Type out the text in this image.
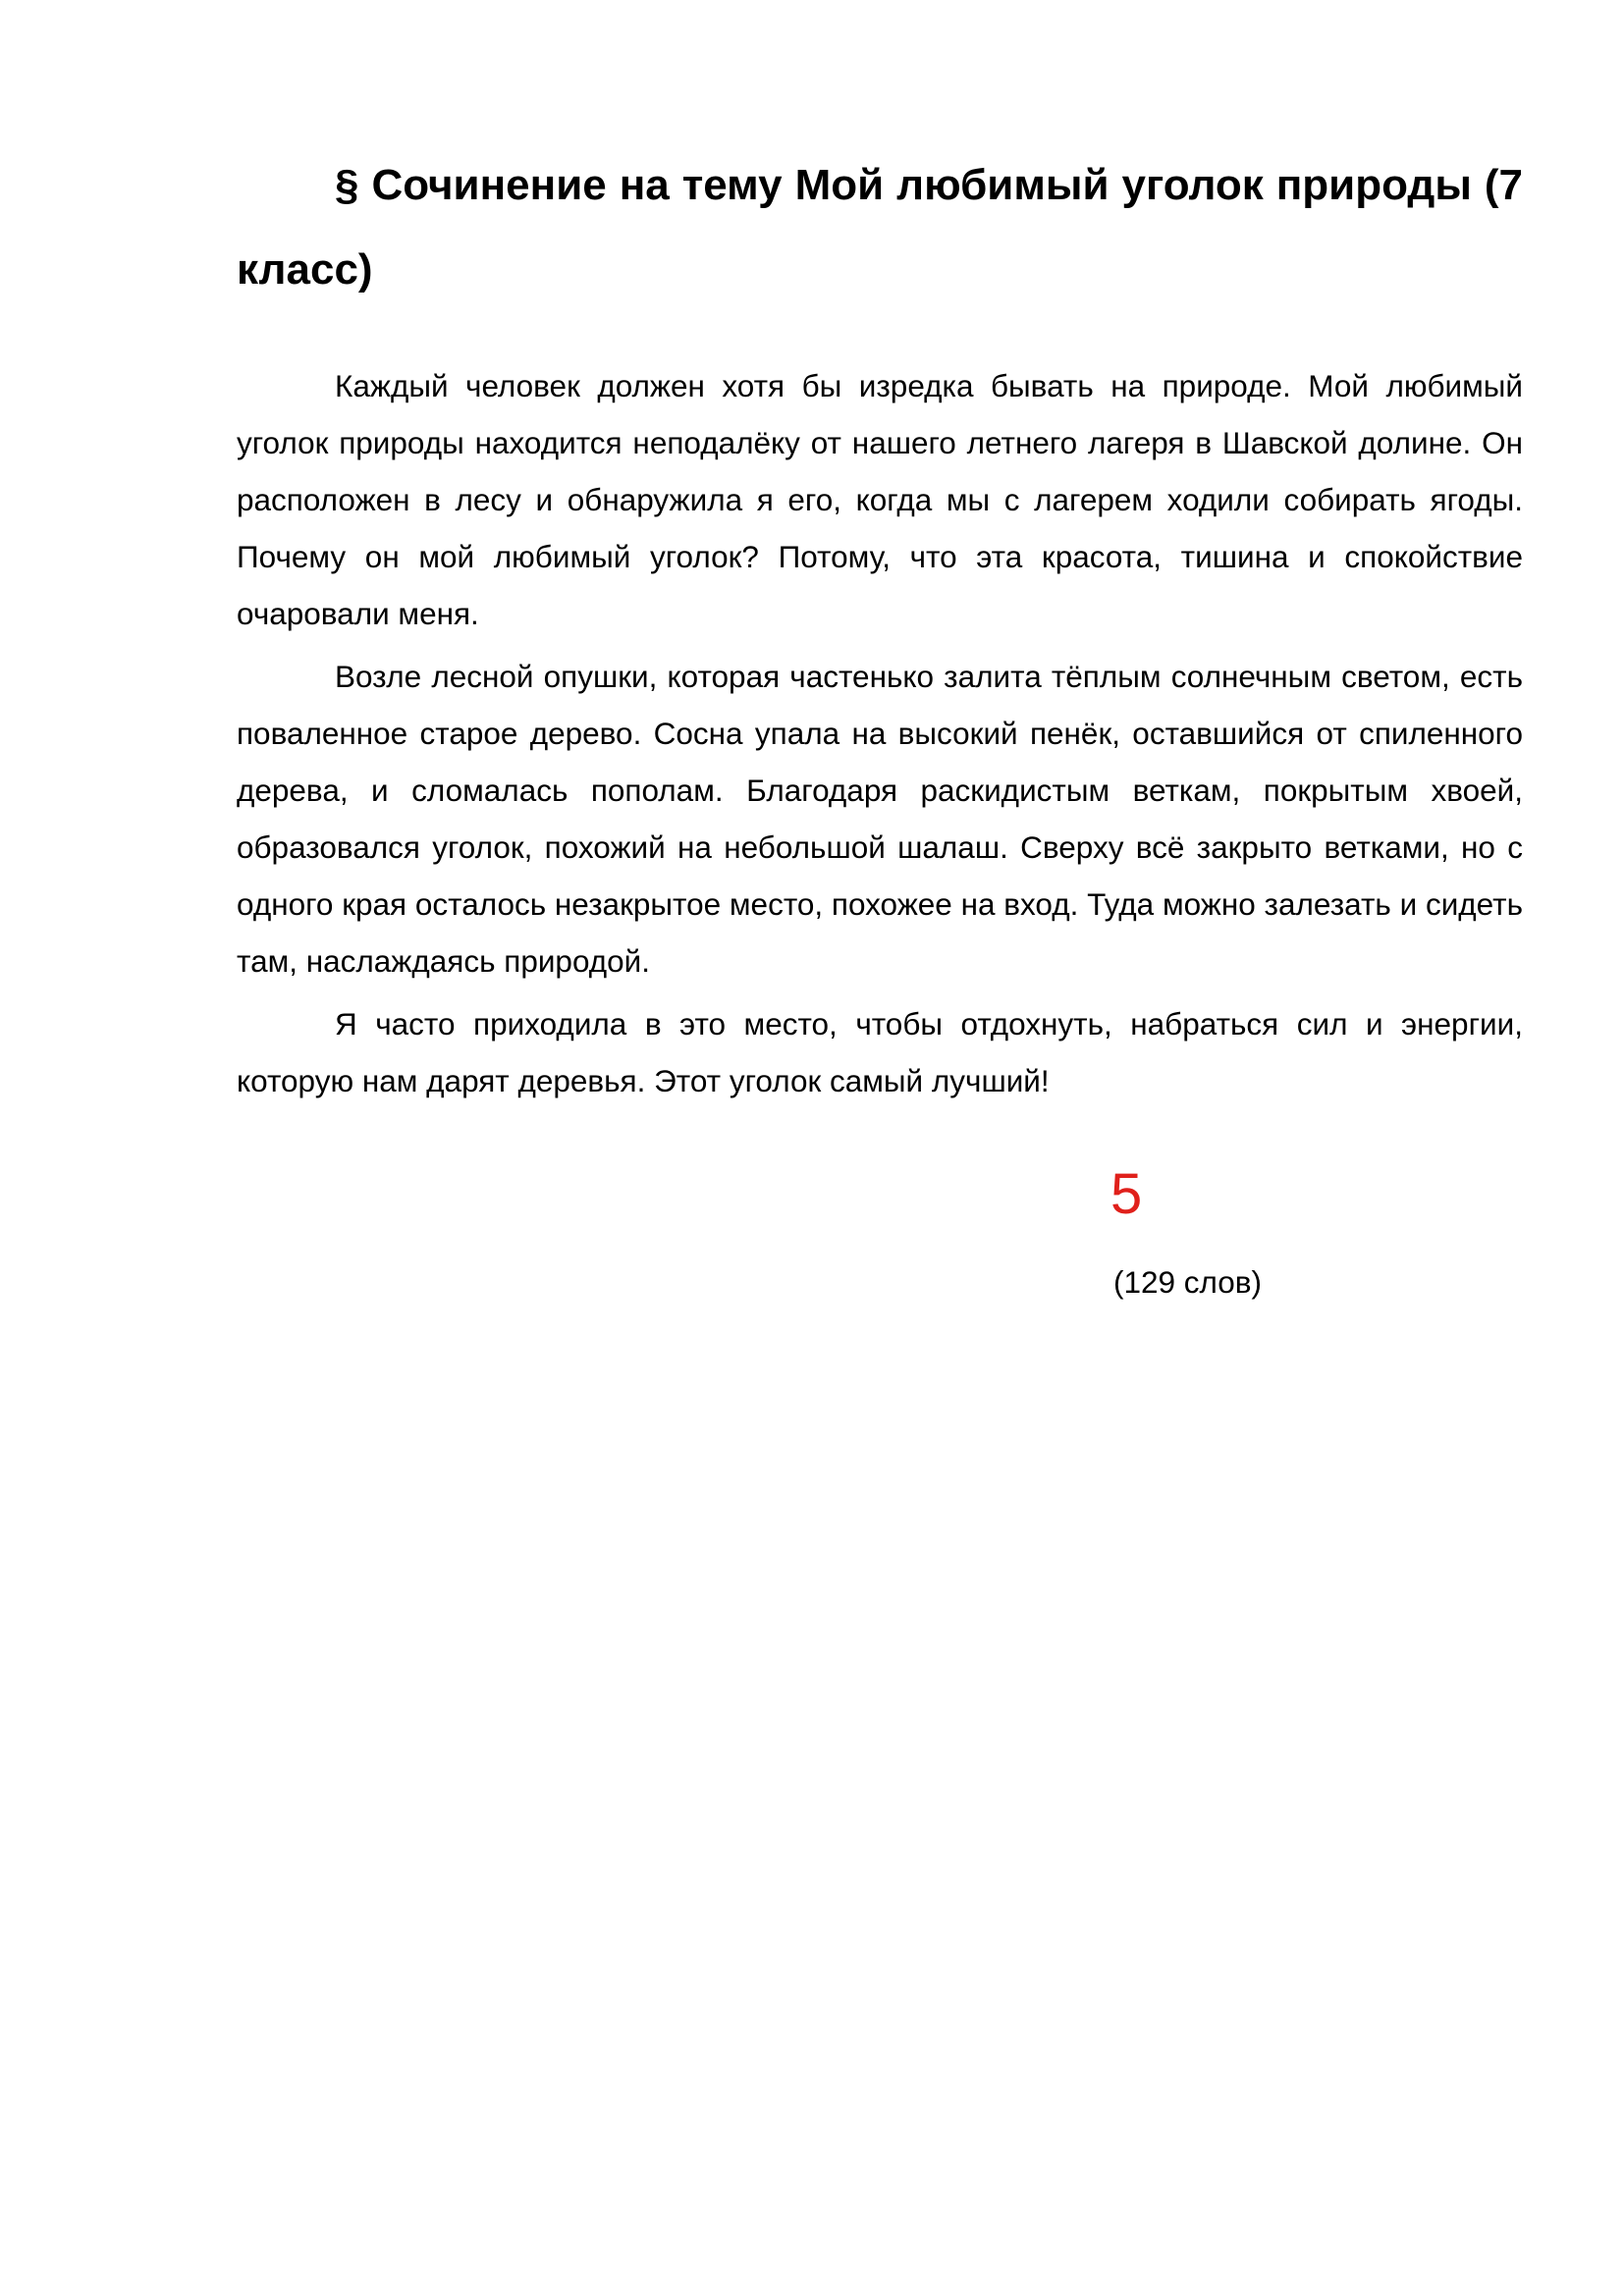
§ Сочинение на тему Мой любимый уголок природы (7 класс)

Каждый человек должен хотя бы изредка бывать на природе. Мой любимый уголок природы находится неподалёку от нашего летнего лагеря в Шавской долине. Он расположен в лесу и обнаружила я его, когда мы с лагерем ходили собирать ягоды. Почему он мой любимый уголок? Потому, что эта красота, тишина и спокойствие очаровали меня.

Возле лесной опушки, которая частенько залита тёплым солнечным светом, есть поваленное старое дерево. Сосна упала на высокий пенёк, оставшийся от спиленного дерева, и сломалась пополам. Благодаря раскидистым веткам, покрытым хвоей, образовался уголок, похожий на небольшой шалаш. Сверху всё закрыто ветками, но с одного края осталось незакрытое место, похожее на вход. Туда можно залезать и сидеть там, наслаждаясь природой.

Я часто приходила в это место, чтобы отдохнуть, набраться сил и энергии, которую нам дарят деревья. Этот уголок самый лучший!

5
(129 слов)
